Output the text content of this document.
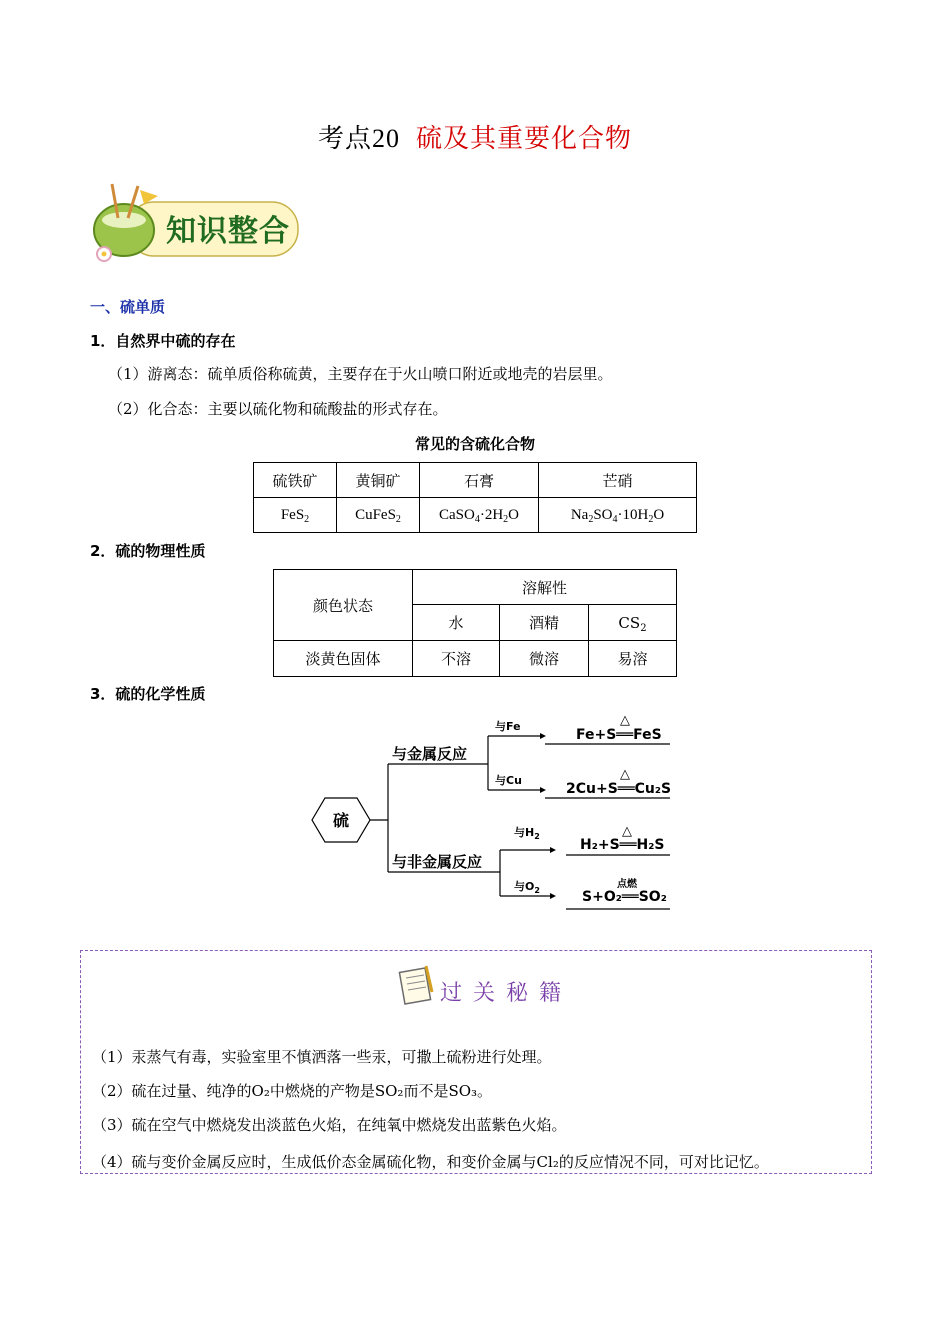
考点20 硫及其重要化合物
知识整合
一、硫单质
1．自然界中硫的存在
（1）游离态：硫单质俗称硫黄，主要存在于火山喷口附近或地壳的岩层里。
（2）化合态：主要以硫化物和硫酸盐的形式存在。
常见的含硫化合物
硫铁矿	黄铜矿	石膏	芒硝
FeS$_2$	CuFeS$_2$	$CaSO_4\cdot 2H_2O$	$Na_2SO_4\cdot 10H_2O$
2．硫的物理性质
颜色状态	溶解性		
	水	酒精	$CS_2$
淡黄色固体	不溶	微溶	易溶
3．硫的化学性质
硫
与金属反应
与非金属反应
与Fe
与Cu
与$H_2$
与$O_2$
△
Fe+S══FeS
△
2Cu+S══Cu₂S
△
H₂+S══H₂S
点燃
S+O₂══SO₂
过 关 秘 籍
（1）汞蒸气有毒，实验室里不慎洒落一些汞，可撒上硫粉进行处理。
（2）硫在过量、纯净的O₂中燃烧的产物是SO₂而不是SO₃。
（3）硫在空气中燃烧发出淡蓝色火焰，在纯氧中燃烧发出蓝紫色火焰。
（4）硫与变价金属反应时，生成低价态金属硫化物，和变价金属与Cl₂的反应情况不同，可对比记忆。
